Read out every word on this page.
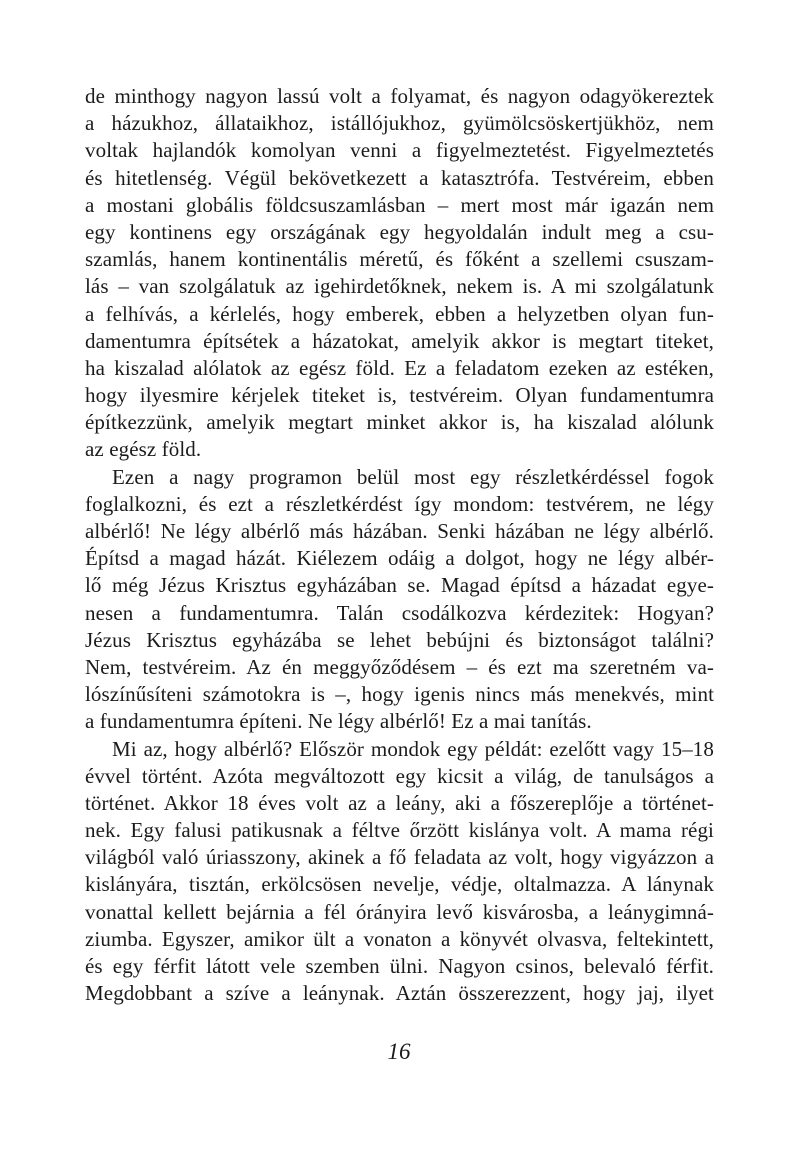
de minthogy nagyon lassú volt a folyamat, és nagyon odagyökereztek
a házukhoz, állataikhoz, istállójukhoz, gyümölcsöskertjükhöz, nem
voltak hajlandók komolyan venni a figyelmeztetést. Figyelmeztetés
és hitetlenség. Végül bekövetkezett a katasztrófa. Testvéreim, ebben
a mostani globális földcsuszamlásban – mert most már igazán nem
egy kontinens egy országának egy hegyoldalán indult meg a csu-
szamlás, hanem kontinentális méretű, és főként a szellemi csuszam-
lás – van szolgálatuk az igehirdetőknek, nekem is. A mi szolgálatunk
a felhívás, a kérlelés, hogy emberek, ebben a helyzetben olyan fun-
damentumra építsétek a házatokat, amelyik akkor is megtart titeket,
ha kiszalad alólatok az egész föld. Ez a feladatom ezeken az estéken,
hogy ilyesmire kérjelek titeket is, testvéreim. Olyan fundamentumra
építkezzünk, amelyik megtart minket akkor is, ha kiszalad alólunk
az egész föld.
Ezen a nagy programon belül most egy részletkérdéssel fogok
foglalkozni, és ezt a részletkérdést így mondom: testvérem, ne légy
albérlő! Ne légy albérlő más házában. Senki házában ne légy albérlő.
Építsd a magad házát. Kiélezem odáig a dolgot, hogy ne légy albér-
lő még Jézus Krisztus egyházában se. Magad építsd a házadat egye-
nesen a fundamentumra. Talán csodálkozva kérdezitek: Hogyan?
Jézus Krisztus egyházába se lehet bebújni és biztonságot találni?
Nem, testvéreim. Az én meggyőződésem – és ezt ma szeretném va-
lószínűsíteni számotokra is –, hogy igenis nincs más menekvés, mint
a fundamentumra építeni. Ne légy albérlő! Ez a mai tanítás.
Mi az, hogy albérlő? Először mondok egy példát: ezelőtt vagy 15–18
évvel történt. Azóta megváltozott egy kicsit a világ, de tanulságos a
történet. Akkor 18 éves volt az a leány, aki a főszereplője a történet-
nek. Egy falusi patikusnak a féltve őrzött kislánya volt. A mama régi
világból való úriasszony, akinek a fő feladata az volt, hogy vigyázzon a
kislányára, tisztán, erkölcsösen nevelje, védje, oltalmazza. A lánynak
vonattal kellett bejárnia a fél órányira levő kisvárosba, a leánygimná-
ziumba. Egyszer, amikor ült a vonaton a könyvét olvasva, feltekintett,
és egy férfit látott vele szemben ülni. Nagyon csinos, belevaló férfit.
Megdobbant a szíve a leánynak. Aztán összerezzent, hogy jaj, ilyet
16
